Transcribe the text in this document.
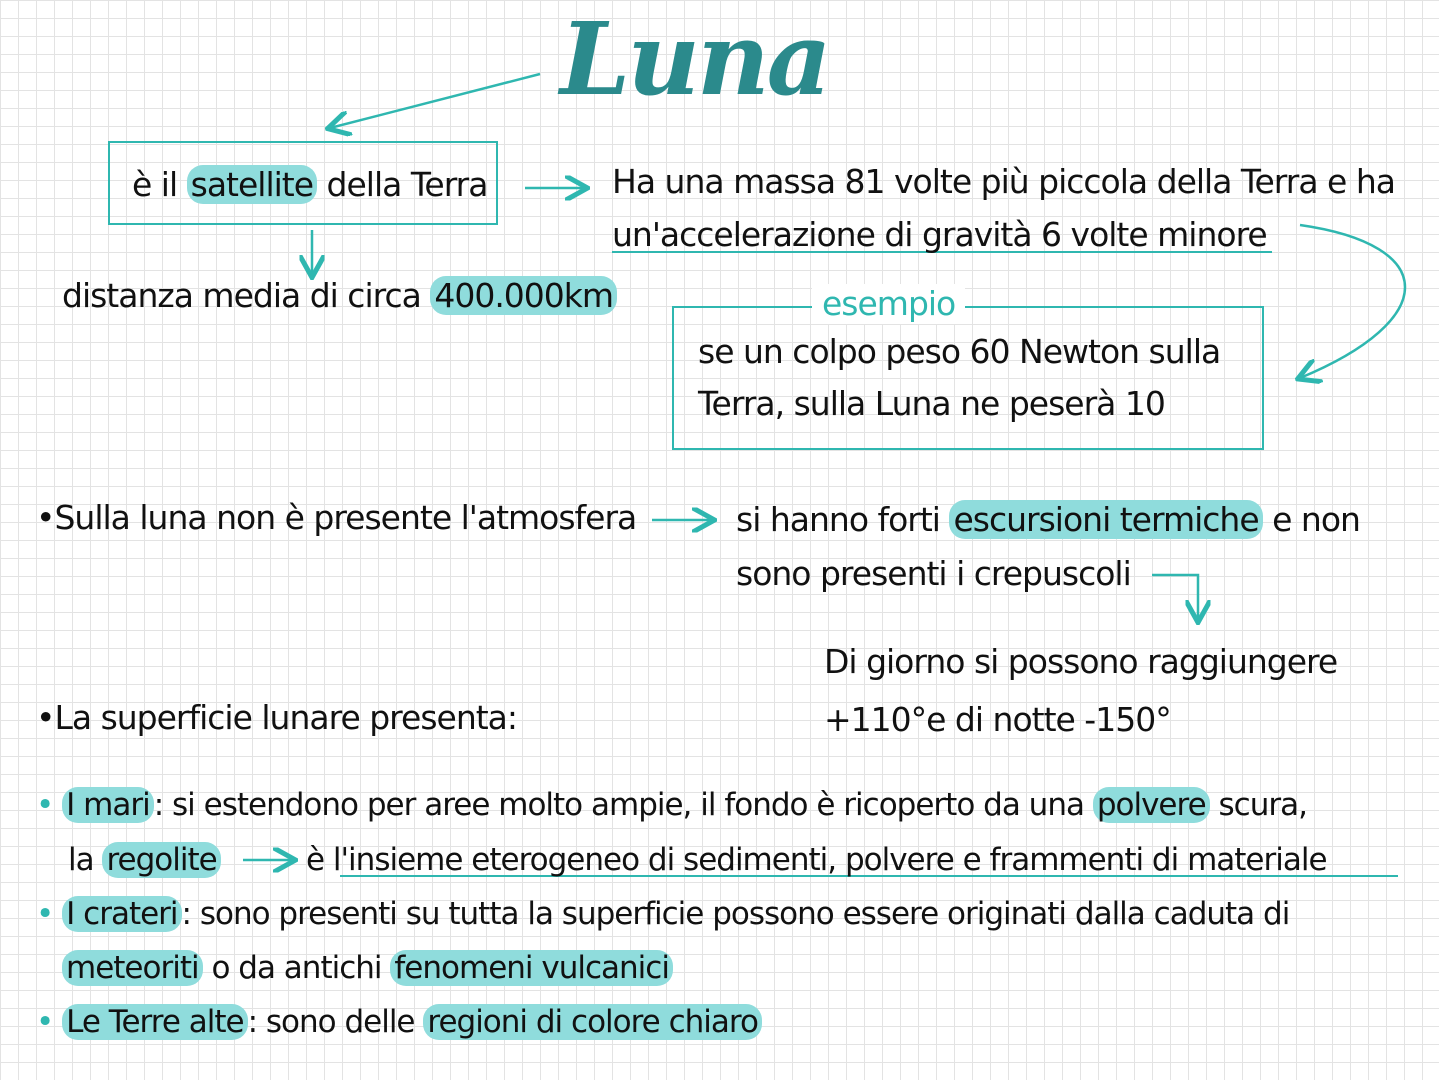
Luna
è il satellite della Terra	Ha una massa 81 volte più piccola della Terra e ha
un'accelerazione di gravità 6 volte minore
distanza media di circa 400.000km	esempio
se un colpo peso 60 Newton sulla
Terra, sulla Luna ne peserà 10
•Sulla luna non è presente l'atmosfera	si hanno forti escursioni termiche e non
sono presenti i crepuscoli
Di giorno si possono raggiungere
+110°e di notte -150°
•La superficie lunare presenta:
• I mari : si estendono per aree molto ampie, il fondo è ricoperto da una polvere scura,
la regolite	è l'insieme eterogeneo di sedimenti, polvere e frammenti di materiale
• I crateri : sono presenti su tutta la superficie possono essere originati dalla caduta di
meteoriti o da antichi fenomeni vulcanici
• Le Terre alte : sono delle regioni di colore chiaro
